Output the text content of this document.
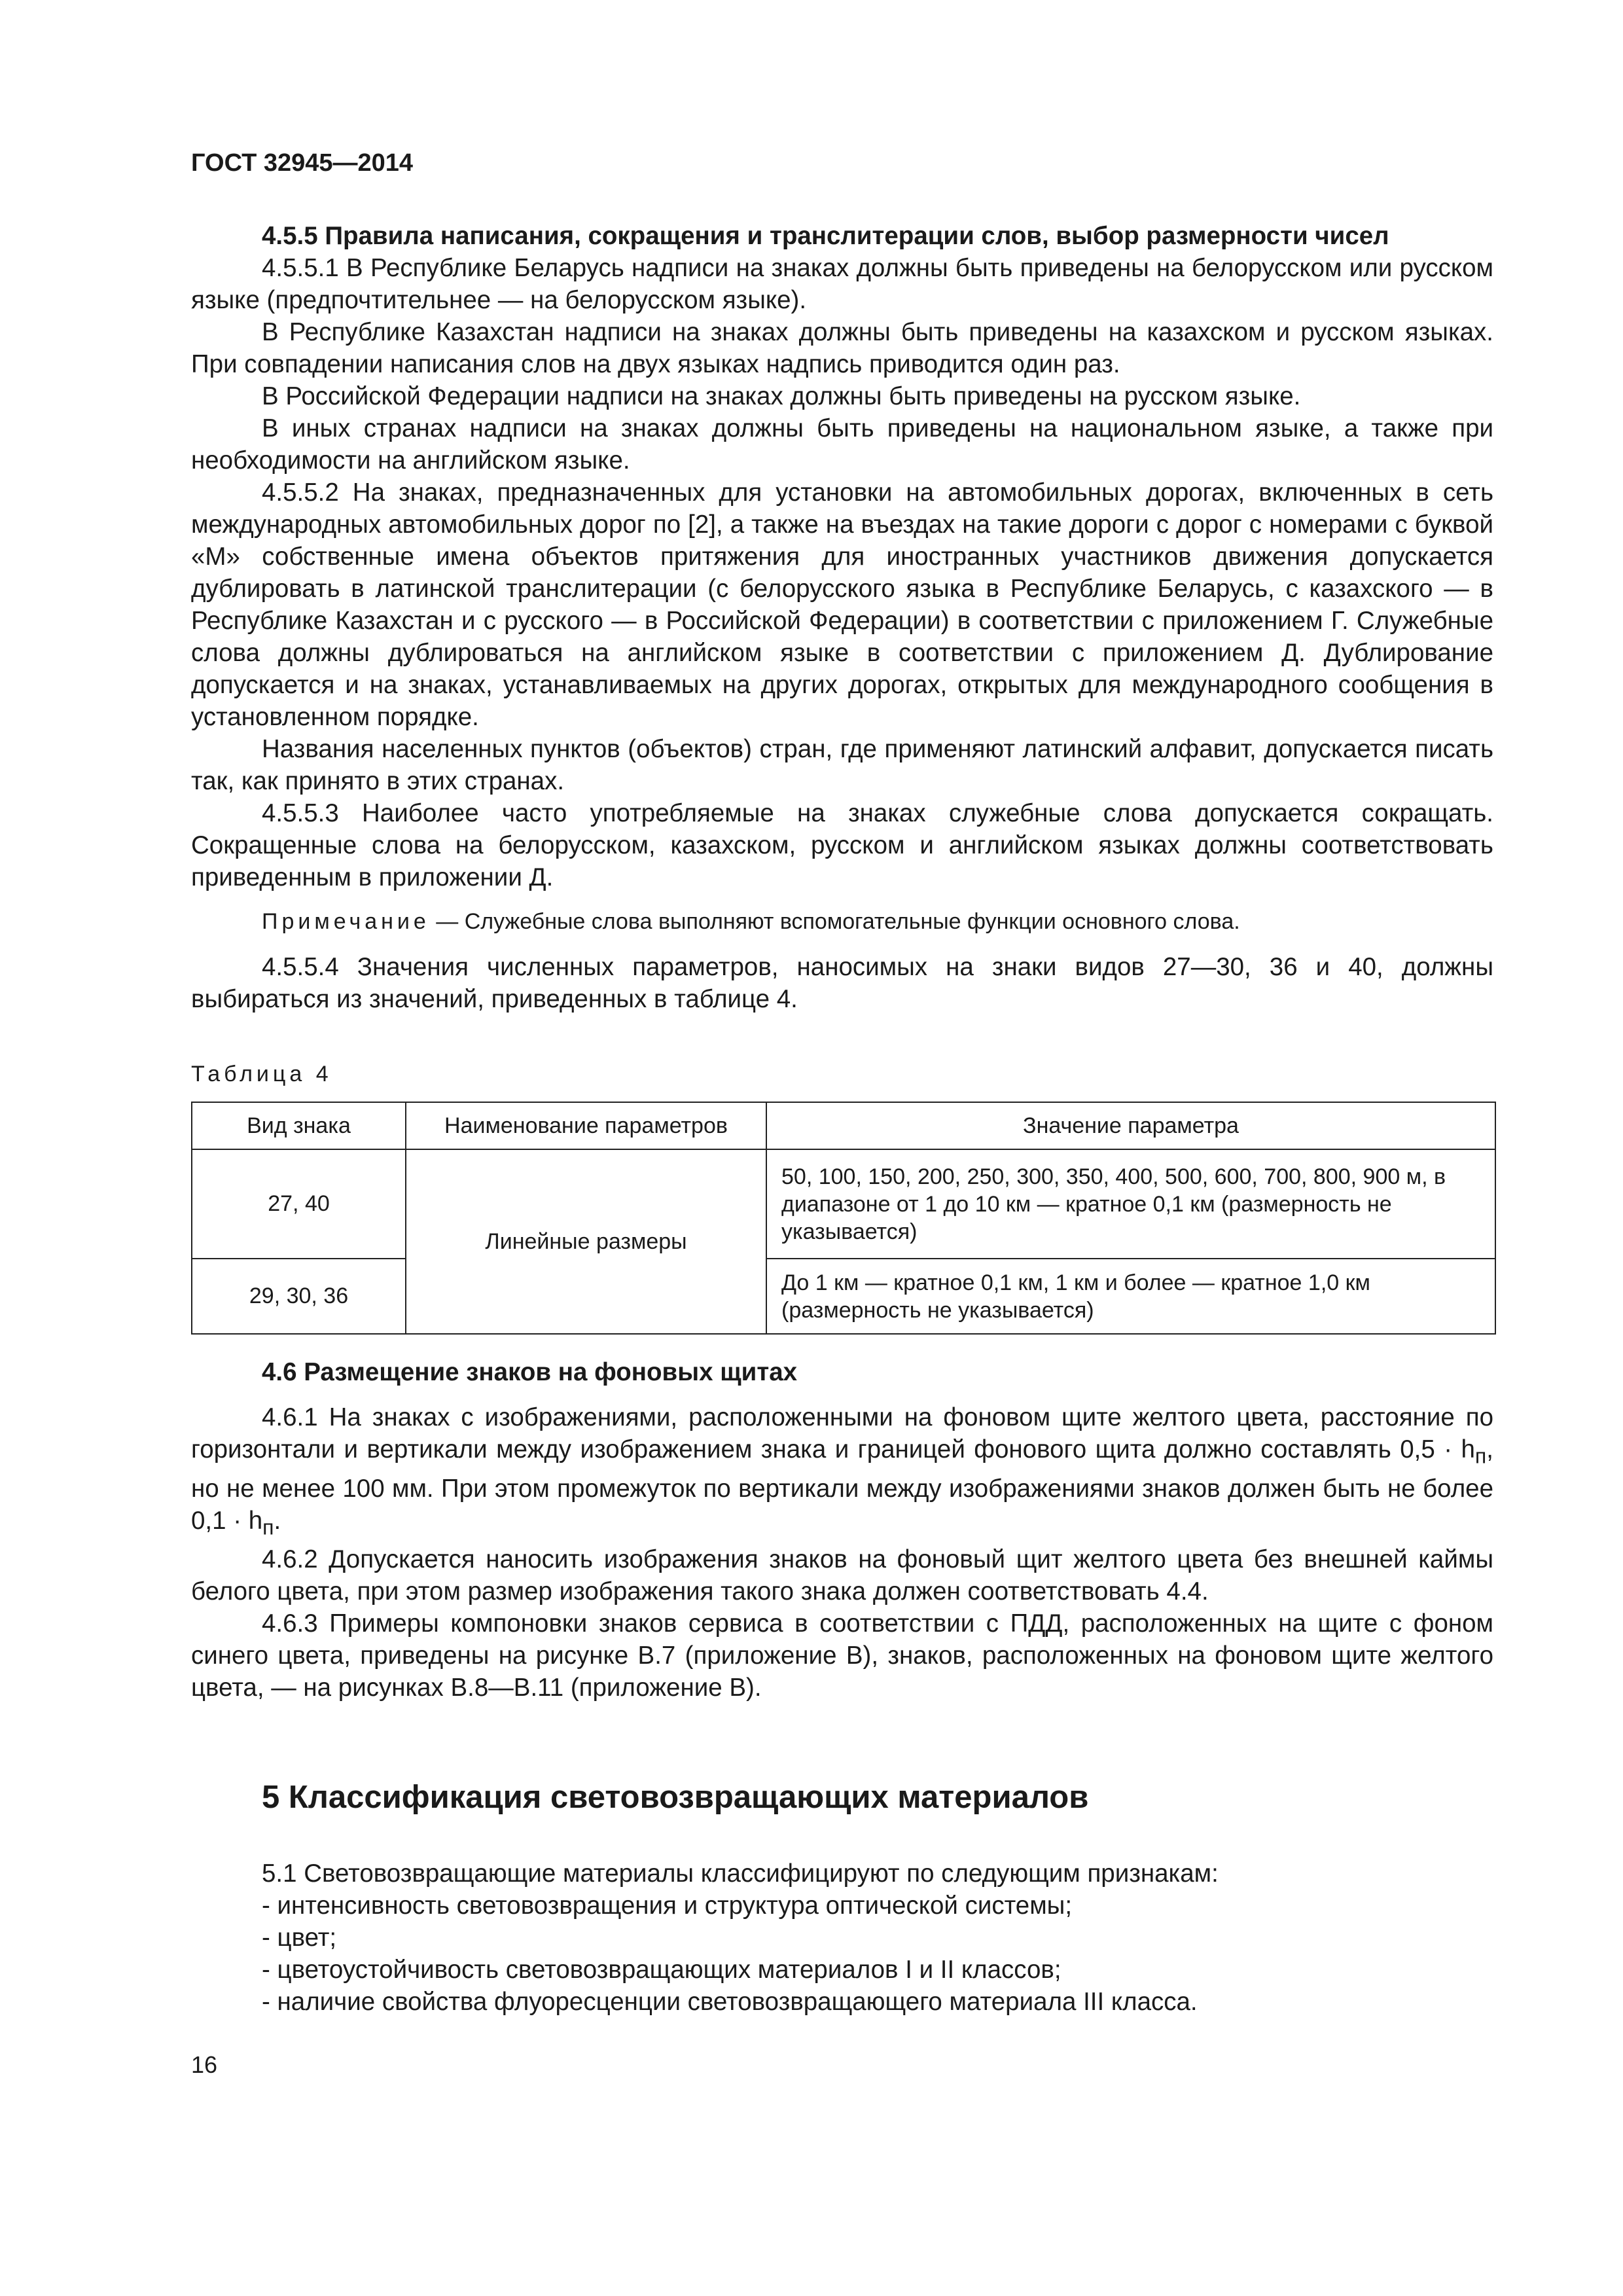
ГОСТ 32945—2014

4.5.5 Правила написания, сокращения и транслитерации слов, выбор размерности чисел

4.5.5.1 В Республике Беларусь надписи на знаках должны быть приведены на белорусском или русском языке (предпочтительнее — на белорусском языке).

В Республике Казахстан надписи на знаках должны быть приведены на казахском и русском языках. При совпадении написания слов на двух языках надпись приводится один раз.

В Российской Федерации надписи на знаках должны быть приведены на русском языке.

В иных странах надписи на знаках должны быть приведены на национальном языке, а также при необходимости на английском языке.

4.5.5.2 На знаках, предназначенных для установки на автомобильных дорогах, включенных в сеть международных автомобильных дорог по [2], а также на въездах на такие дороги с дорог с номерами с буквой «М» собственные имена объектов притяжения для иностранных участников движения допускается дублировать в латинской транслитерации (с белорусского языка в Республике Беларусь, с казахского — в Республике Казахстан и с русского — в Российской Федерации) в соответствии с приложением Г. Служебные слова должны дублироваться на английском языке в соответствии с приложением Д. Дублирование допускается и на знаках, устанавливаемых на других дорогах, открытых для международного сообщения в установленном порядке.

Названия населенных пунктов (объектов) стран, где применяют латинский алфавит, допускается писать так, как принято в этих странах.

4.5.5.3 Наиболее часто употребляемые на знаках служебные слова допускается сокращать. Сокращенные слова на белорусском, казахском, русском и английском языках должны соответствовать приведенным в приложении Д.

Примечание — Служебные слова выполняют вспомогательные функции основного слова.

4.5.5.4 Значения численных параметров, наносимых на знаки видов 27—30, 36 и 40, должны выбираться из значений, приведенных в таблице 4.

Таблица 4
Вид знака	Наименование параметров	Значение параметра
27, 40	Линейные размеры	50, 100, 150, 200, 250, 300, 350, 400, 500, 600, 700, 800, 900 м, в диапазоне от 1 до 10 км — кратное 0,1 км (размерность не указывается)
29, 30, 36		До 1 км — кратное 0,1 км, 1 км и более — кратное 1,0 км (размерность не указывается)

4.6 Размещение знаков на фоновых щитах

4.6.1 На знаках с изображениями, расположенными на фоновом щите желтого цвета, расстояние по горизонтали и вертикали между изображением знака и границей фонового щита должно составлять $0,5 \cdot h_п$, но не менее 100 мм. При этом промежуток по вертикали между изображениями знаков должен быть не более $0,1 \cdot h_п$.

4.6.2 Допускается наносить изображения знаков на фоновый щит желтого цвета без внешней каймы белого цвета, при этом размер изображения такого знака должен соответствовать 4.4.

4.6.3 Примеры компоновки знаков сервиса в соответствии с ПДД, расположенных на щите с фоном синего цвета, приведены на рисунке В.7 (приложение В), знаков, расположенных на фоновом щите желтого цвета, — на рисунках В.8—В.11 (приложение В).

5 Классификация световозвращающих материалов

5.1 Световозвращающие материалы классифицируют по следующим признакам:

- интенсивность световозвращения и структура оптической системы;

- цвет;

- цветоустойчивость световозвращающих материалов I и II классов;

- наличие свойства флуоресценции световозвращающего материала III класса.

16
